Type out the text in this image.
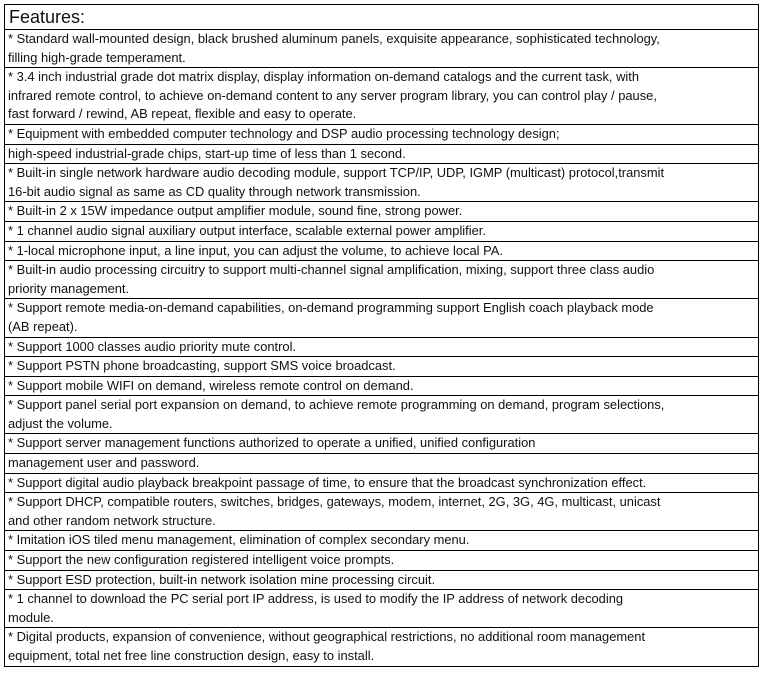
Features:

* Standard wall-mounted design, black brushed aluminum panels, exquisite appearance, sophisticated technology,
filling high-grade temperament.

* 3.4 inch industrial grade dot matrix display, display information on-demand catalogs and the current task, with
infrared remote control, to achieve on-demand content to any server program library, you can control play / pause,
fast forward / rewind, AB repeat, flexible and easy to operate.

* Equipment with embedded computer technology and DSP audio processing technology design;

high-speed industrial-grade chips, start-up time of less than 1 second.

* Built-in single network hardware audio decoding module, support TCP/IP, UDP, IGMP (multicast) protocol,transmit
16-bit audio signal as same as CD quality through network transmission.

* Built-in 2 x 15W impedance output amplifier module, sound fine, strong power.

* 1 channel audio signal auxiliary output interface, scalable external power amplifier.

* 1-local microphone input, a line input, you can adjust the volume, to achieve local PA.

* Built-in audio processing circuitry to support multi-channel signal amplification, mixing, support three class audio
priority management.

* Support remote media-on-demand capabilities, on-demand programming support English coach playback mode
(AB repeat).

* Support 1000 classes audio priority mute control.

* Support PSTN phone broadcasting, support SMS voice broadcast.

* Support mobile WIFI on demand, wireless remote control on demand.

* Support panel serial port expansion on demand, to achieve remote programming on demand, program selections,
adjust the volume.

* Support server management functions authorized to operate a unified, unified configuration

management user and password.

* Support digital audio playback breakpoint passage of time, to ensure that the broadcast synchronization effect.

* Support DHCP, compatible routers, switches, bridges, gateways, modem, internet, 2G, 3G, 4G, multicast, unicast
and other random network structure.

* Imitation iOS tiled menu management, elimination of complex secondary menu.

* Support the new configuration registered intelligent voice prompts.

* Support ESD protection, built-in network isolation mine processing circuit.

* 1 channel to download the PC serial port IP address, is used to modify the IP address of network decoding
module.

* Digital products, expansion of convenience, without geographical restrictions, no additional room management
equipment, total net free line construction design, easy to install.
